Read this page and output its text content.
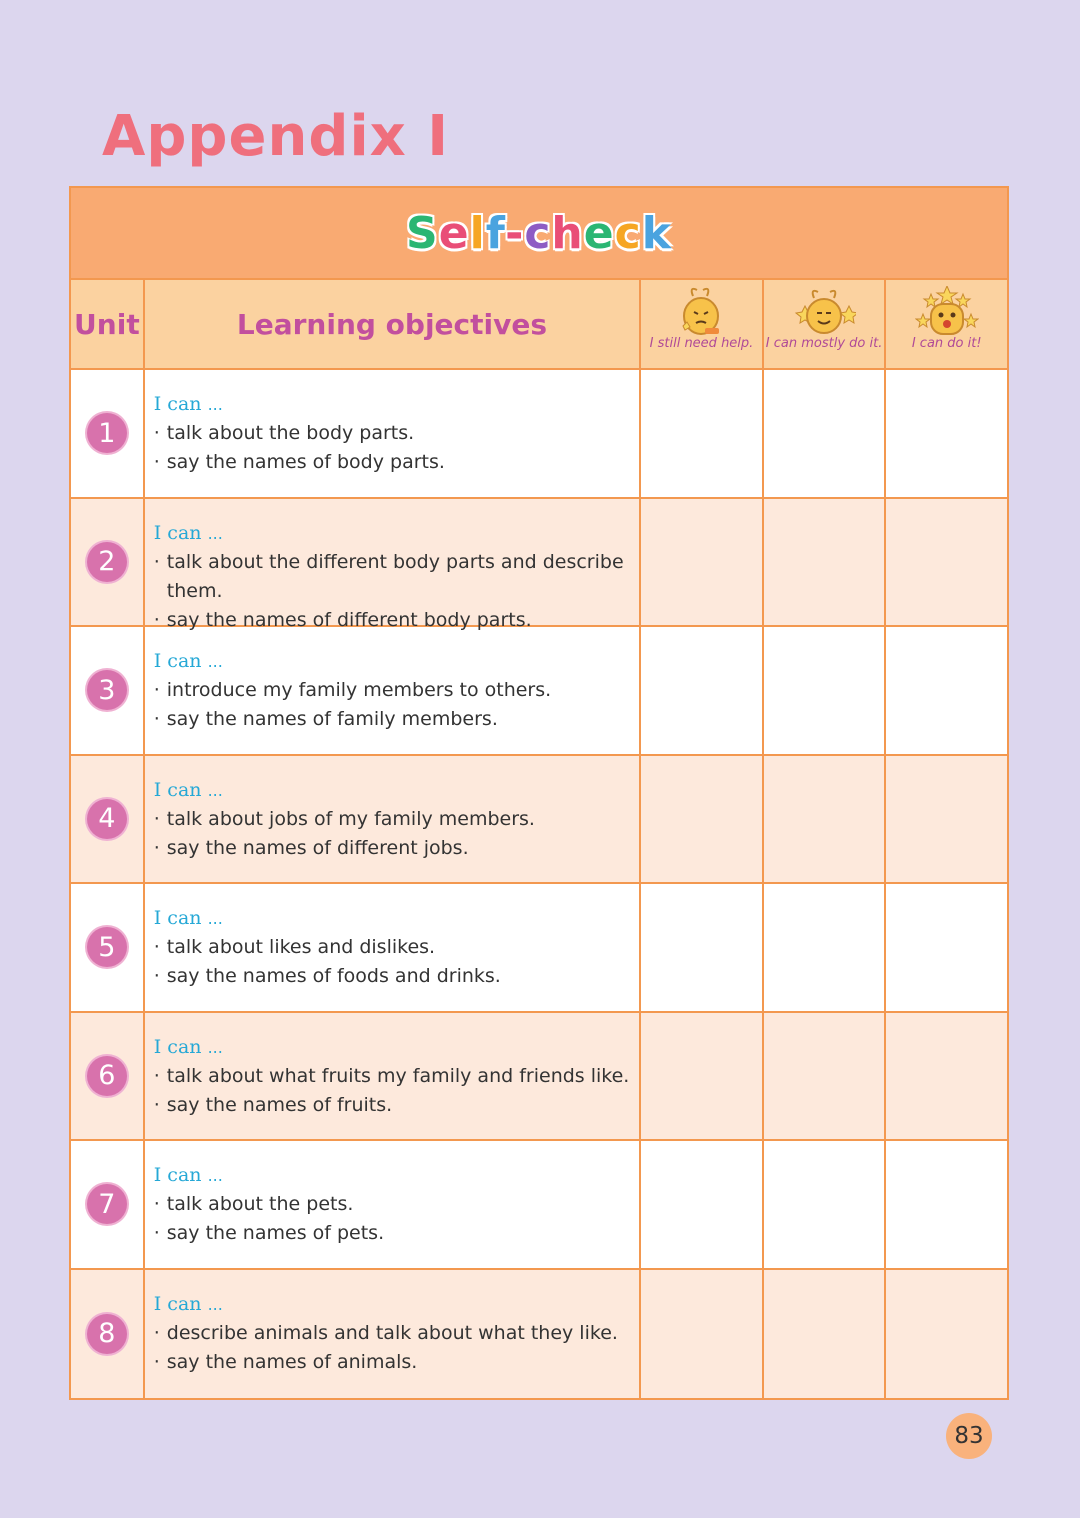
Appendix I
Self-check
Unit	Learning objectives
I still need help. I can mostly do it. I can do it!
1
I can ...
· talk about the body parts.
· say the names of body parts.
2
I can ...
· talk about the different body parts and describe them.
· say the names of different body parts.
3
I can ...
· introduce my family members to others.
· say the names of family members.
4
I can ...
· talk about jobs of my family members.
· say the names of different jobs.
5
I can ...
· talk about likes and dislikes.
· say the names of foods and drinks.
6
I can ...
· talk about what fruits my family and friends like.
· say the names of fruits.
7
I can ...
· talk about the pets.
· say the names of pets.
8
I can ...
· describe animals and talk about what they like.
· say the names of animals.
83
